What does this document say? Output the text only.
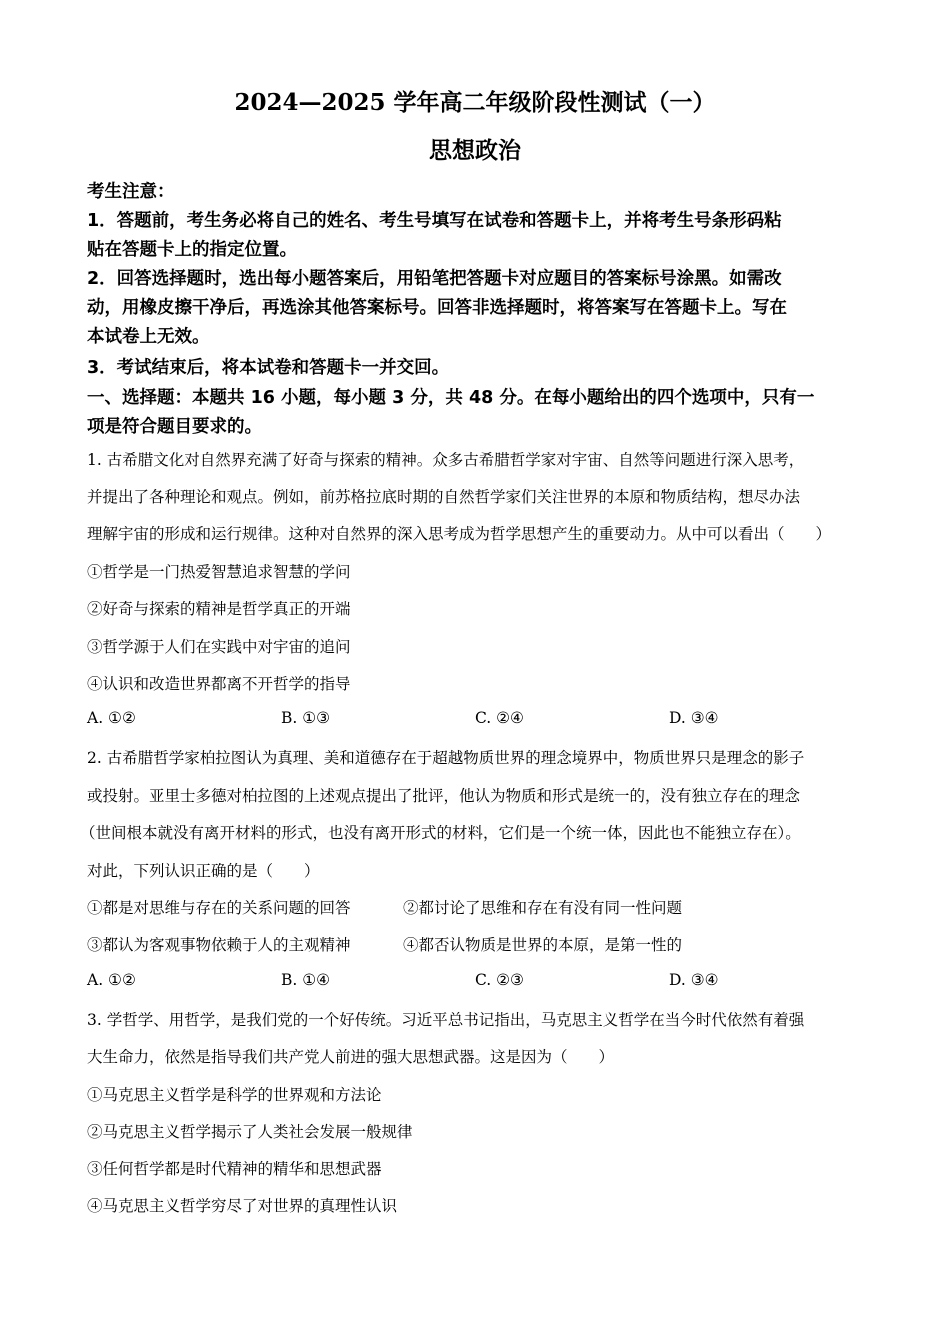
2024—2025 学年高二年级阶段性测试（一）
思想政治
考生注意：
1．答题前，考生务必将自己的姓名、考生号填写在试卷和答题卡上，并将考生号条形码粘
贴在答题卡上的指定位置。
2．回答选择题时，选出每小题答案后，用铅笔把答题卡对应题目的答案标号涂黑。如需改
动，用橡皮擦干净后，再选涂其他答案标号。回答非选择题时，将答案写在答题卡上。写在
本试卷上无效。
3．考试结束后，将本试卷和答题卡一并交回。
一、选择题：本题共 16 小题，每小题 3 分，共 48 分。在每小题给出的四个选项中，只有一
项是符合题目要求的。
1. 古希腊文化对自然界充满了好奇与探索的精神。众多古希腊哲学家对宇宙、自然等问题进行深入思考，
并提出了各种理论和观点。例如，前苏格拉底时期的自然哲学家们关注世界的本原和物质结构，想尽办法
理解宇宙的形成和运行规律。这种对自然界的深入思考成为哲学思想产生的重要动力。从中可以看出（　　）
①哲学是一门热爱智慧追求智慧的学问
②好奇与探索的精神是哲学真正的开端
③哲学源于人们在实践中对宇宙的追问
④认识和改造世界都离不开哲学的指导
A. ①②	B. ①③	C. ②④	D. ③④
2. 古希腊哲学家柏拉图认为真理、美和道德存在于超越物质世界的理念境界中，物质世界只是理念的影子
或投射。亚里士多德对柏拉图的上述观点提出了批评，他认为物质和形式是统一的，没有独立存在的理念
（世间根本就没有离开材料的形式，也没有离开形式的材料，它们是一个统一体，因此也不能独立存在）。
对此，下列认识正确的是（　　）
①都是对思维与存在的关系问题的回答	②都讨论了思维和存在有没有同一性问题
③都认为客观事物依赖于人的主观精神	④都否认物质是世界的本原，是第一性的
A. ①②	B. ①④	C. ②③	D. ③④
3. 学哲学、用哲学，是我们党的一个好传统。习近平总书记指出，马克思主义哲学在当今时代依然有着强
大生命力，依然是指导我们共产党人前进的强大思想武器。这是因为（　　）
①马克思主义哲学是科学的世界观和方法论
②马克思主义哲学揭示了人类社会发展一般规律
③任何哲学都是时代精神的精华和思想武器
④马克思主义哲学穷尽了对世界的真理性认识
